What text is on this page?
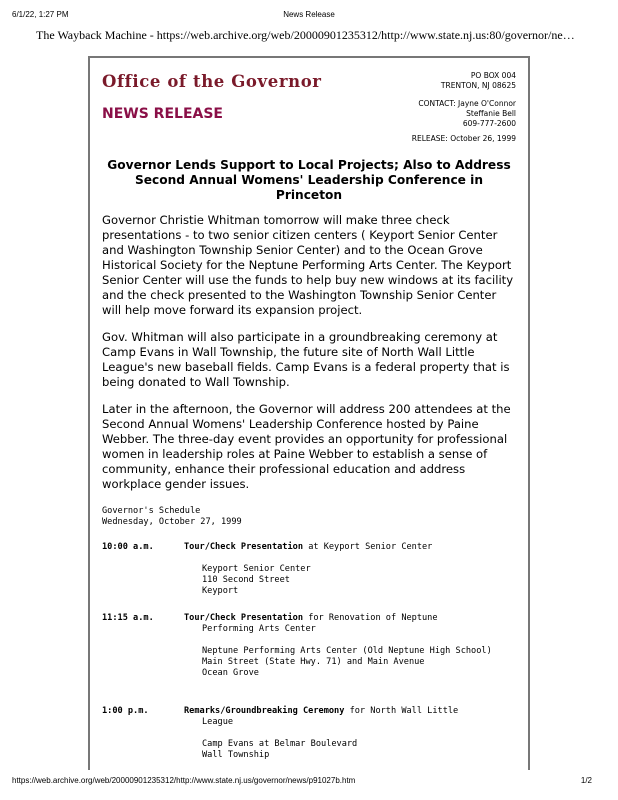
6/1/22, 1:27 PM	News Release
The Wayback Machine - https://web.archive.org/web/20000901235312/http://www.state.nj.us:80/governor/ne…
Office of the Governor
NEWS RELEASE
PO BOX 004
TRENTON, NJ 08625
CONTACT: Jayne O'Connor
Steffanie Bell
609-777-2600
RELEASE: October 26, 1999
Governor Lends Support to Local Projects; Also to Address Second Annual Womens' Leadership Conference in Princeton

Governor Christie Whitman tomorrow will make three check presentations - to two senior citizen centers ( Keyport Senior Center and Washington Township Senior Center) and to the Ocean Grove Historical Society for the Neptune Performing Arts Center. The Keyport Senior Center will use the funds to help buy new windows at its facility and the check presented to the Washington Township Senior Center will help move forward its expansion project.

Gov. Whitman will also participate in a groundbreaking ceremony at Camp Evans in Wall Township, the future site of North Wall Little League's new baseball fields. Camp Evans is a federal property that is being donated to Wall Township.

Later in the afternoon, the Governor will address 200 attendees at the Second Annual Womens' Leadership Conference hosted by Paine Webber. The three-day event provides an opportunity for professional women in leadership roles at Paine Webber to establish a sense of community, enhance their professional education and address workplace gender issues.

Governor's Schedule
Wednesday, October 27, 1999
10:00 a.m.	Tour/Check Presentation at Keyport Senior Center
Keyport Senior Center
110 Second Street
Keyport
11:15 a.m.	Tour/Check Presentation for Renovation of Neptune
Performing Arts Center
Neptune Performing Arts Center (Old Neptune High School)
Main Street (State Hwy. 71) and Main Avenue
Ocean Grove
1:00 p.m.	Remarks/Groundbreaking Ceremony for North Wall Little
League
Camp Evans at Belmar Boulevard
Wall Township
https://web.archive.org/web/20000901235312/http://www.state.nj.us/governor/news/p91027b.htm	1/2
